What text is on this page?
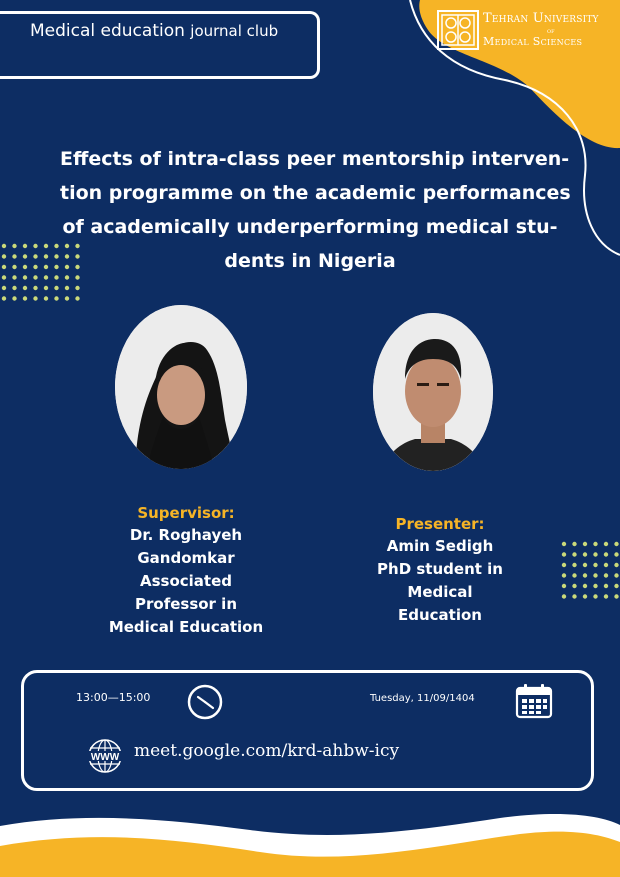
Medical education journal club
Tehran University
of
Medical Sciences
Effects of intra-class peer mentorship interven-
tion programme on the academic performances
of academically underperforming medical stu-
dents in Nigeria
Supervisor:
Dr. Roghayeh
Gandomkar
Associated
Professor in
Medical Education
Presenter:
Amin Sedigh
PhD student in
Medical
Education
13:00—15:00	Tuesday, 11/09/1404
WWW meet.google.com/krd-ahbw-icy
